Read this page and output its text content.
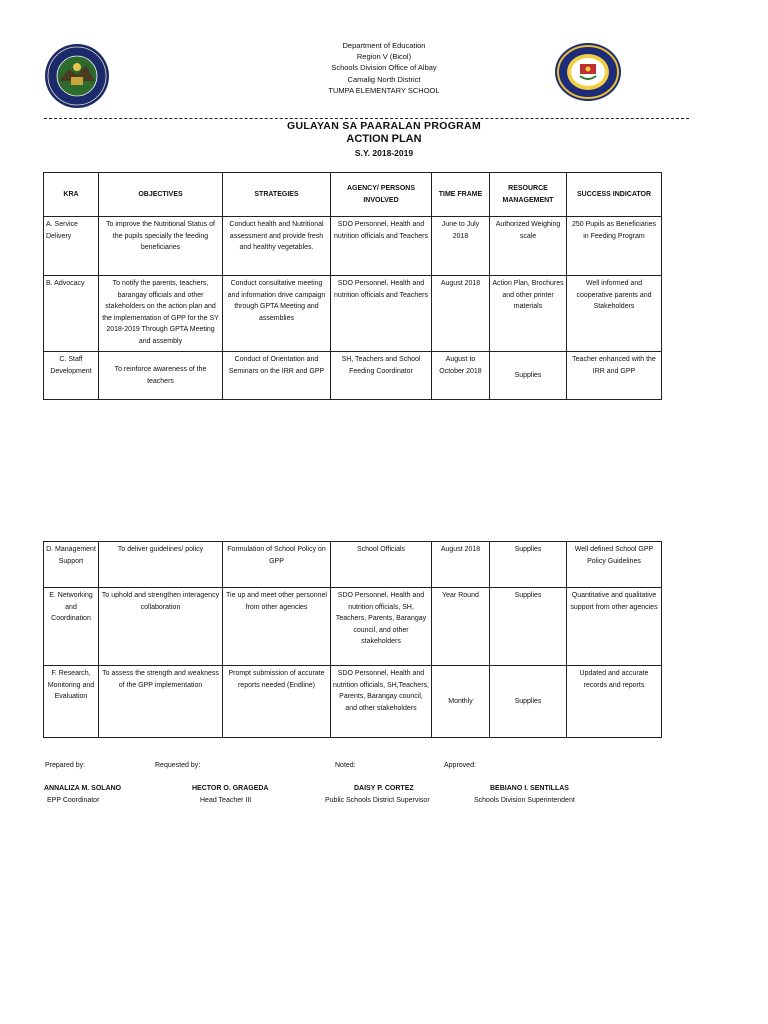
Department of Education
Region V (Bicol)
Schools Division Office of Albay
Camalig North District
TUMPA ELEMENTARY SCHOOL
GULAYAN SA PAARALAN PROGRAM
ACTION PLAN
S.Y. 2018-2019
KRA	OBJECTIVES	STRATEGIES	AGENCY/ PERSONS INVOLVED	TIME FRAME	RESOURCE MANAGEMENT	SUCCESS INDICATOR
A. Service Delivery	To improve the Nutritional Status of the pupils specially the feeding beneficiaries	Conduct health and Nutritional assessment and provide fresh and healthy vegetables.	SDO Personnel, Health and nutrition officials and Teachers	June to July 2018	Authorized Weighing scale	250 Pupils as Beneficiaries in Feeding Program
B. Advocacy	To notify the parents, teachers, barangay officials and other stakeholders on the action plan and the implementation of GPP for the SY 2018-2019 Through GPTA Meeting and assembly	Conduct consultative meeting and information drive campaign through GPTA Meeting and assemblies	SDO Personnel, Health and nutrition officials and Teachers	August 2018	Action Plan, Brochures and other printer materials	Well informed and cooperative parents and Stakeholders
C. Staff Development	To reinforce awareness of the teachers	Conduct of Orientation and Seminars on the IRR and GPP	SH, Teachers and School Feeding Coordinator	August to October 2018	Supplies	Teacher enhanced with the IRR and GPP
D. Management Support	To deliver guidelines/ policy	Formulation of School Policy on GPP	School Officials	August 2018	Supplies	Well defined School GPP Policy Guidelines
E. Networking and Coordination	To uphold and strengthen interagency collaboration	Tie up and meet other personnel from other agencies	SDO Personnel, Health and nutrition officials, SH, Teachers, Parents, Barangay council, and other stakeholders	Year Round	Supplies	Quantitative and qualitative support from other agencies
F. Research, Monitoring and Evaluation	To assess the strength and weakness of the GPP implementation	Prompt submission of accurate reports needed (Endline)	SDO Personnel, Health and nutrition officials, SH,Teachers, Parents, Barangay council, and other stakeholders	Monthly	Supplies	Updated and accurate records and reports
Prepared by:	Requested by:	Noted:	Approved:
ANNALIZA M. SOLANO
EPP Coordinator
HECTOR O. GRAGEDA
Head Teacher III
DAISY P. CORTEZ
Public Schools District Supervisor
BEBIANO I. SENTILLAS
Schools Division Superintendent
